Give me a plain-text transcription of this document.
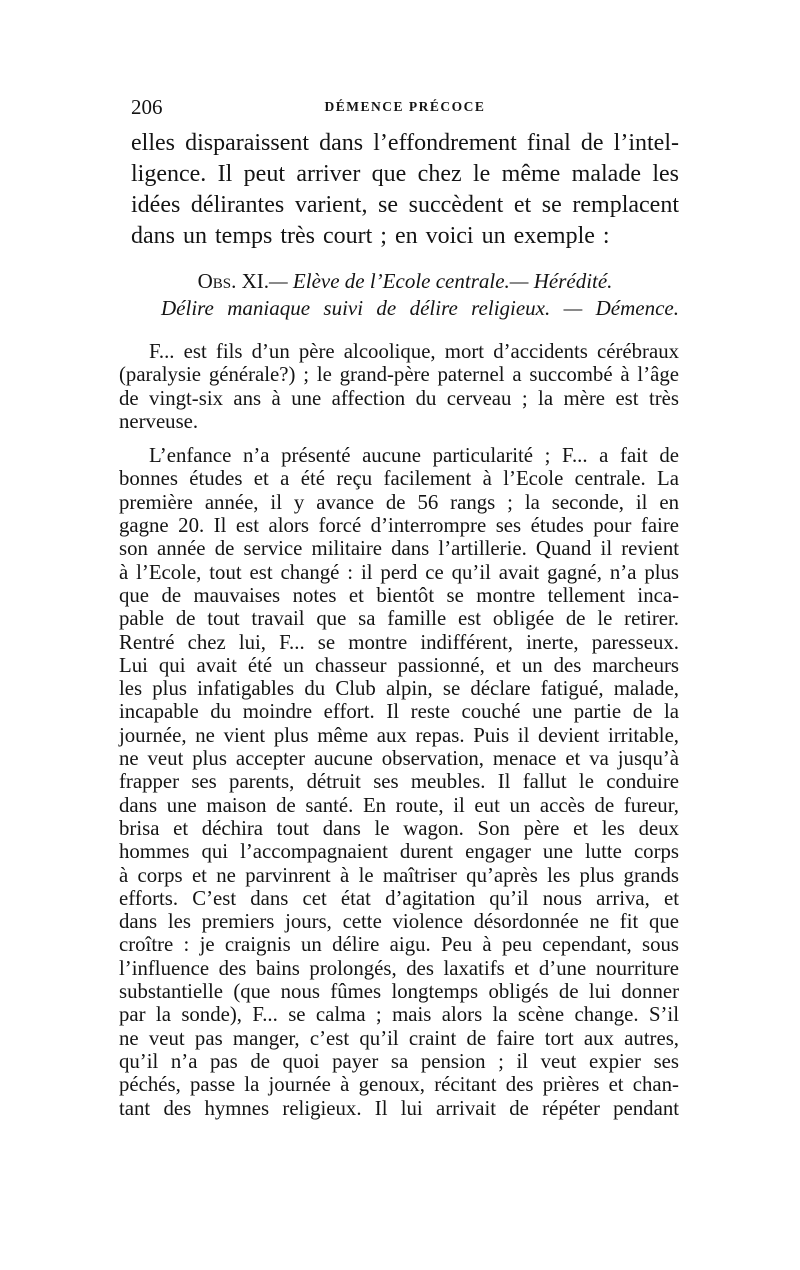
206	DÉMENCE PRÉCOCE
elles disparaissent dans l’effondrement final de l’intel-
ligence. Il peut arriver que chez le même malade les
idées délirantes varient, se succèdent et se remplacent
dans un temps très court ; en voici un exemple :
Obs. XI.— Elève de l’Ecole centrale.— Hérédité.
Délire maniaque suivi de délire religieux. — Démence.
F... est fils d’un père alcoolique, mort d’accidents cérébraux
(paralysie générale?) ; le grand-père paternel a succombé à l’âge
de vingt-six ans à une affection du cerveau ; la mère est très
nerveuse.
L’enfance n’a présenté aucune particularité ; F... a fait de
bonnes études et a été reçu facilement à l’Ecole centrale. La
première année, il y avance de 56 rangs ; la seconde, il en
gagne 20. Il est alors forcé d’interrompre ses études pour faire
son année de service militaire dans l’artillerie. Quand il revient
à l’Ecole, tout est changé : il perd ce qu’il avait gagné, n’a plus
que de mauvaises notes et bientôt se montre tellement inca-
pable de tout travail que sa famille est obligée de le retirer.
Rentré chez lui, F... se montre indifférent, inerte, paresseux.
Lui qui avait été un chasseur passionné, et un des marcheurs
les plus infatigables du Club alpin, se déclare fatigué, malade,
incapable du moindre effort. Il reste couché une partie de la
journée, ne vient plus même aux repas. Puis il devient irritable,
ne veut plus accepter aucune observation, menace et va jusqu’à
frapper ses parents, détruit ses meubles. Il fallut le conduire
dans une maison de santé. En route, il eut un accès de fureur,
brisa et déchira tout dans le wagon. Son père et les deux
hommes qui l’accompagnaient durent engager une lutte corps
à corps et ne parvinrent à le maîtriser qu’après les plus grands
efforts. C’est dans cet état d’agitation qu’il nous arriva, et
dans les premiers jours, cette violence désordonnée ne fit que
croître : je craignis un délire aigu. Peu à peu cependant, sous
l’influence des bains prolongés, des laxatifs et d’une nourriture
substantielle (que nous fûmes longtemps obligés de lui donner
par la sonde), F... se calma ; mais alors la scène change. S’il
ne veut pas manger, c’est qu’il craint de faire tort aux autres,
qu’il n’a pas de quoi payer sa pension ; il veut expier ses
péchés, passe la journée à genoux, récitant des prières et chan-
tant des hymnes religieux. Il lui arrivait de répéter pendant
